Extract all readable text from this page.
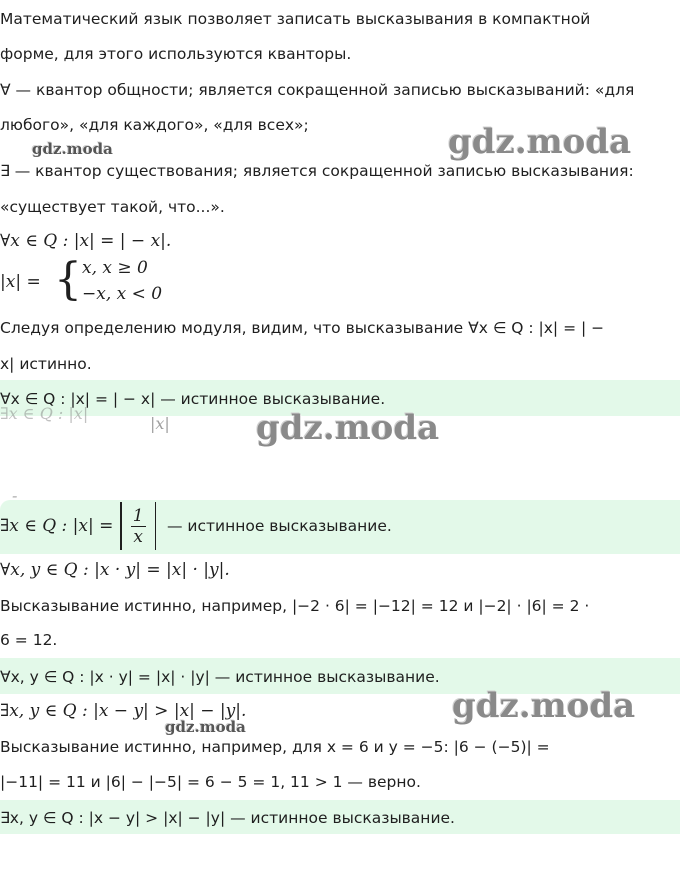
Математический язык позволяет записать высказывания в компактной
форме, для этого используются кванторы.
∀ — квантор общности; является сокращенной записью высказываний: «для
любого», «для каждого», «для всех»;
∃ — квантор существования; является сокращенной записью высказывания:
«существует такой, что...».
∀x ∈ Q : |x| = | − x|.
|x| = { x, x ≥ 0
−x, x < 0
Следуя определению модуля, видим, что высказывание ∀x ∈ Q : |x| = | −
x| истинно.
∀x ∈ Q : |x| = | − x| — истинное высказывание.
∃x ∈ Q : |x|
|x|
-
∃x ∈ Q : $|x| = \frac{1}{x}$ — истинное высказывание.
∀x, y ∈ Q : |x · y| = |x| · |y|.
Высказывание истинно, например, |−2 · 6| = |−12| = 12 и |−2| · |6| = 2 ·
6 = 12.
∀x, y ∈ Q : |x · y| = |x| · |y| — истинное высказывание.
∃x, y ∈ Q : |x − y| > |x| − |y|.
Высказывание истинно, например, для x = 6 и y = −5: |6 − (−5)| =
|−11| = 11 и |6| − |−5| = 6 − 5 = 1, 11 > 1 — верно.
∃x, y ∈ Q : |x − y| > |x| − |y| — истинное высказывание.
gdz.moda
gdz.moda
gdz.moda
gdz.moda
gdz.moda
